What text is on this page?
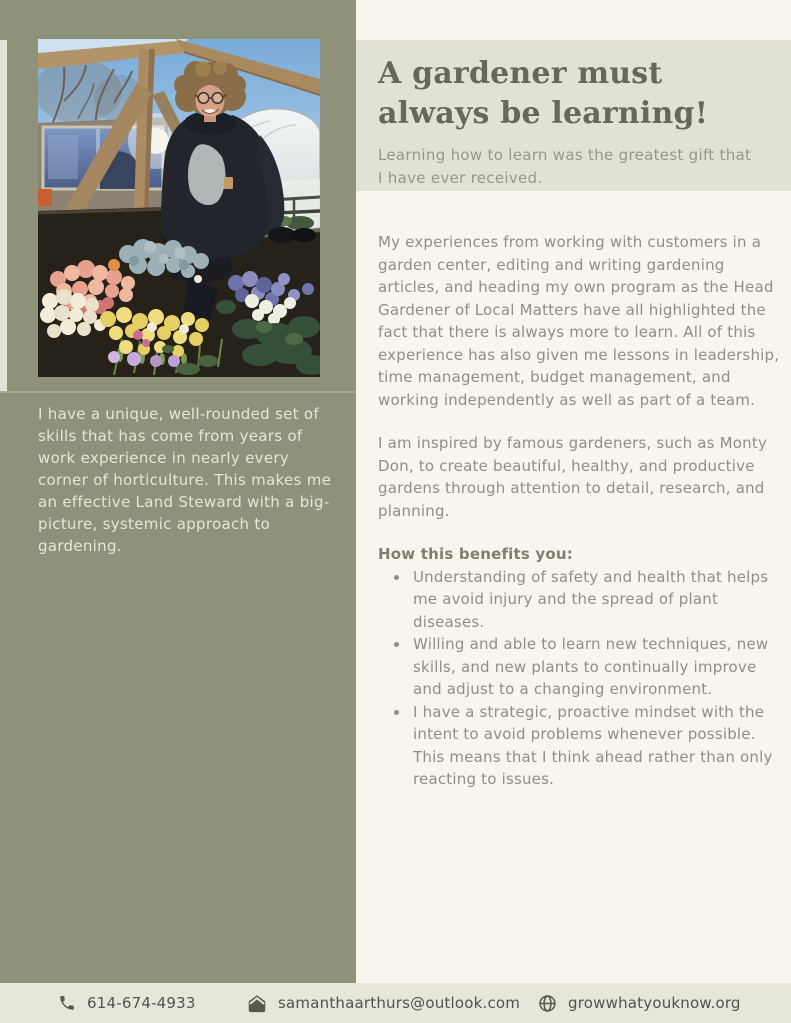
I have a unique, well-rounded set of skills that has come from years of work experience in nearly every corner of horticulture. This makes me an effective Land Steward with a big-picture, systemic approach to gardening.

A gardener must
always be learning!

Learning how to learn was the greatest gift that I have ever received.

My experiences from working with customers in a garden center, editing and writing gardening articles, and heading my own program as the Head Gardener of Local Matters have all highlighted the fact that there is always more to learn. All of this experience has also given me lessons in leadership, time management, budget management, and working independently as well as part of a team.

I am inspired by famous gardeners, such as Monty Don, to create beautiful, healthy, and productive gardens through attention to detail, research, and planning.

How this benefits you:

• Understanding of safety and health that helps me avoid injury and the spread of plant diseases.
• Willing and able to learn new techniques, new skills, and new plants to continually improve and adjust to a changing environment.
• I have a strategic, proactive mindset with the intent to avoid problems whenever possible. This means that I think ahead rather than only reacting to issues.
614-674-4933	samanthaarthurs@outlook.com	growwhatyouknow.org
